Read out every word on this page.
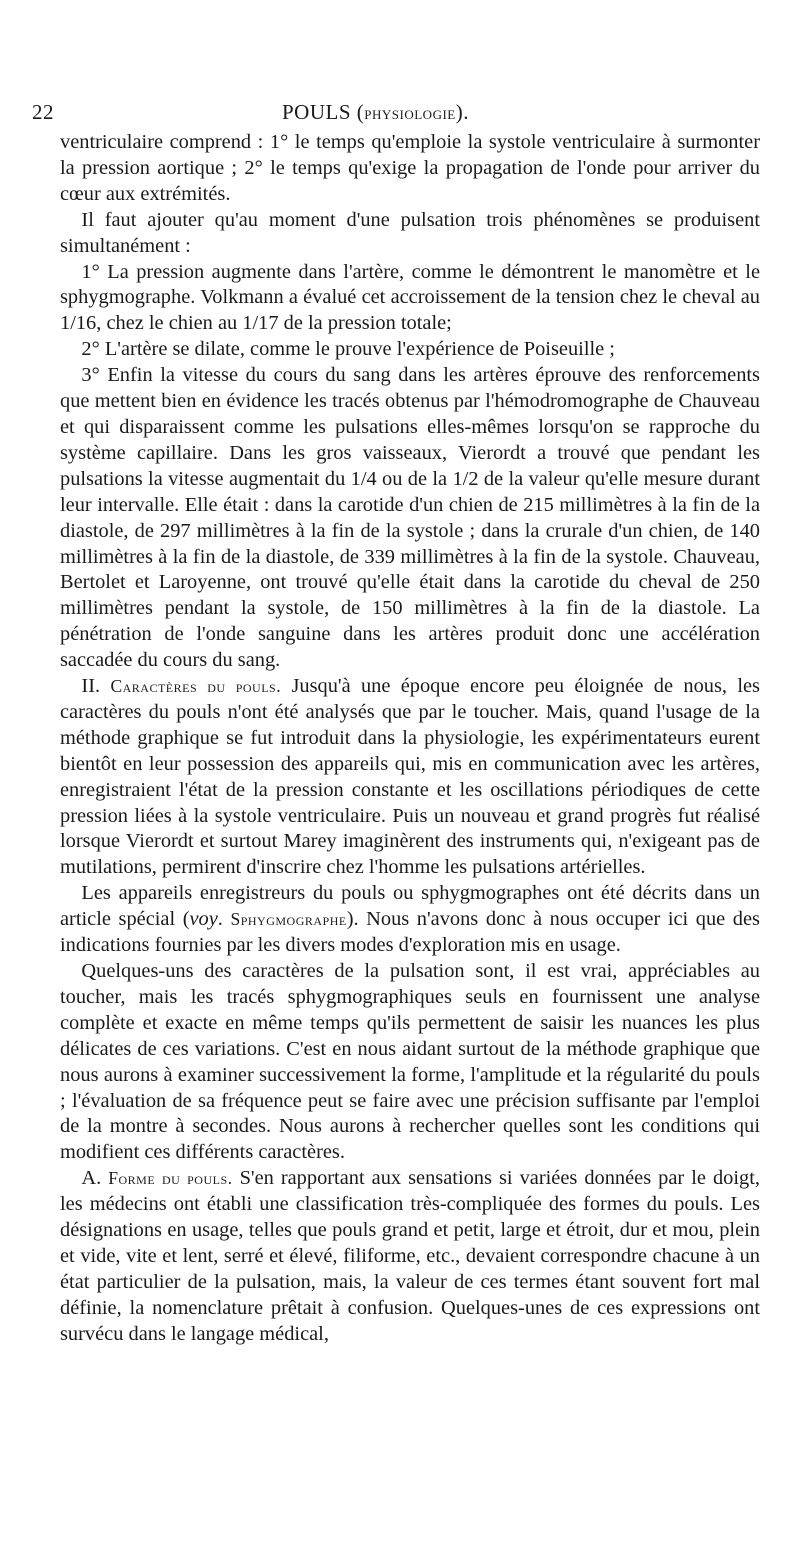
22	POULS (physiologie).

ventriculaire comprend : 1° le temps qu'emploie la systole ventriculaire à surmonter la pression aortique ; 2° le temps qu'exige la propagation de l'onde pour arriver du cœur aux extrémités.

Il faut ajouter qu'au moment d'une pulsation trois phénomènes se produisent simultanément :

1° La pression augmente dans l'artère, comme le démontrent le manomètre et le sphygmographe. Volkmann a évalué cet accroissement de la tension chez le cheval au 1/16, chez le chien au 1/17 de la pression totale;

2° L'artère se dilate, comme le prouve l'expérience de Poiseuille ;

3° Enfin la vitesse du cours du sang dans les artères éprouve des renforcements que mettent bien en évidence les tracés obtenus par l'hémodromographe de Chauveau et qui disparaissent comme les pulsations elles-mêmes lorsqu'on se rapproche du système capillaire. Dans les gros vaisseaux, Vierordt a trouvé que pendant les pulsations la vitesse augmentait du 1/4 ou de la 1/2 de la valeur qu'elle mesure durant leur intervalle. Elle était : dans la carotide d'un chien de 215 millimètres à la fin de la diastole, de 297 millimètres à la fin de la systole ; dans la crurale d'un chien, de 140 millimètres à la fin de la diastole, de 339 millimètres à la fin de la systole. Chauveau, Bertolet et Laroyenne, ont trouvé qu'elle était dans la carotide du cheval de 250 millimètres pendant la systole, de 150 millimètres à la fin de la diastole. La pénétration de l'onde sanguine dans les artères produit donc une accélération saccadée du cours du sang.

II. Caractères du pouls. Jusqu'à une époque encore peu éloignée de nous, les caractères du pouls n'ont été analysés que par le toucher. Mais, quand l'usage de la méthode graphique se fut introduit dans la physiologie, les expérimentateurs eurent bientôt en leur possession des appareils qui, mis en communication avec les artères, enregistraient l'état de la pression constante et les oscillations périodiques de cette pression liées à la systole ventriculaire. Puis un nouveau et grand progrès fut réalisé lorsque Vierordt et surtout Marey imaginèrent des instruments qui, n'exigeant pas de mutilations, permirent d'inscrire chez l'homme les pulsations artérielles.

Les appareils enregistreurs du pouls ou sphygmographes ont été décrits dans un article spécial (voy. Sphygmographe). Nous n'avons donc à nous occuper ici que des indications fournies par les divers modes d'exploration mis en usage.

Quelques-uns des caractères de la pulsation sont, il est vrai, appréciables au toucher, mais les tracés sphygmographiques seuls en fournissent une analyse complète et exacte en même temps qu'ils permettent de saisir les nuances les plus délicates de ces variations. C'est en nous aidant surtout de la méthode graphique que nous aurons à examiner successivement la forme, l'amplitude et la régularité du pouls ; l'évaluation de sa fréquence peut se faire avec une précision suffisante par l'emploi de la montre à secondes. Nous aurons à rechercher quelles sont les conditions qui modifient ces différents caractères.

A. Forme du pouls. S'en rapportant aux sensations si variées données par le doigt, les médecins ont établi une classification très-compliquée des formes du pouls. Les désignations en usage, telles que pouls grand et petit, large et étroit, dur et mou, plein et vide, vite et lent, serré et élevé, filiforme, etc., devaient correspondre chacune à un état particulier de la pulsation, mais, la valeur de ces termes étant souvent fort mal définie, la nomenclature prêtait à confusion. Quelques-unes de ces expressions ont survécu dans le langage médical,
